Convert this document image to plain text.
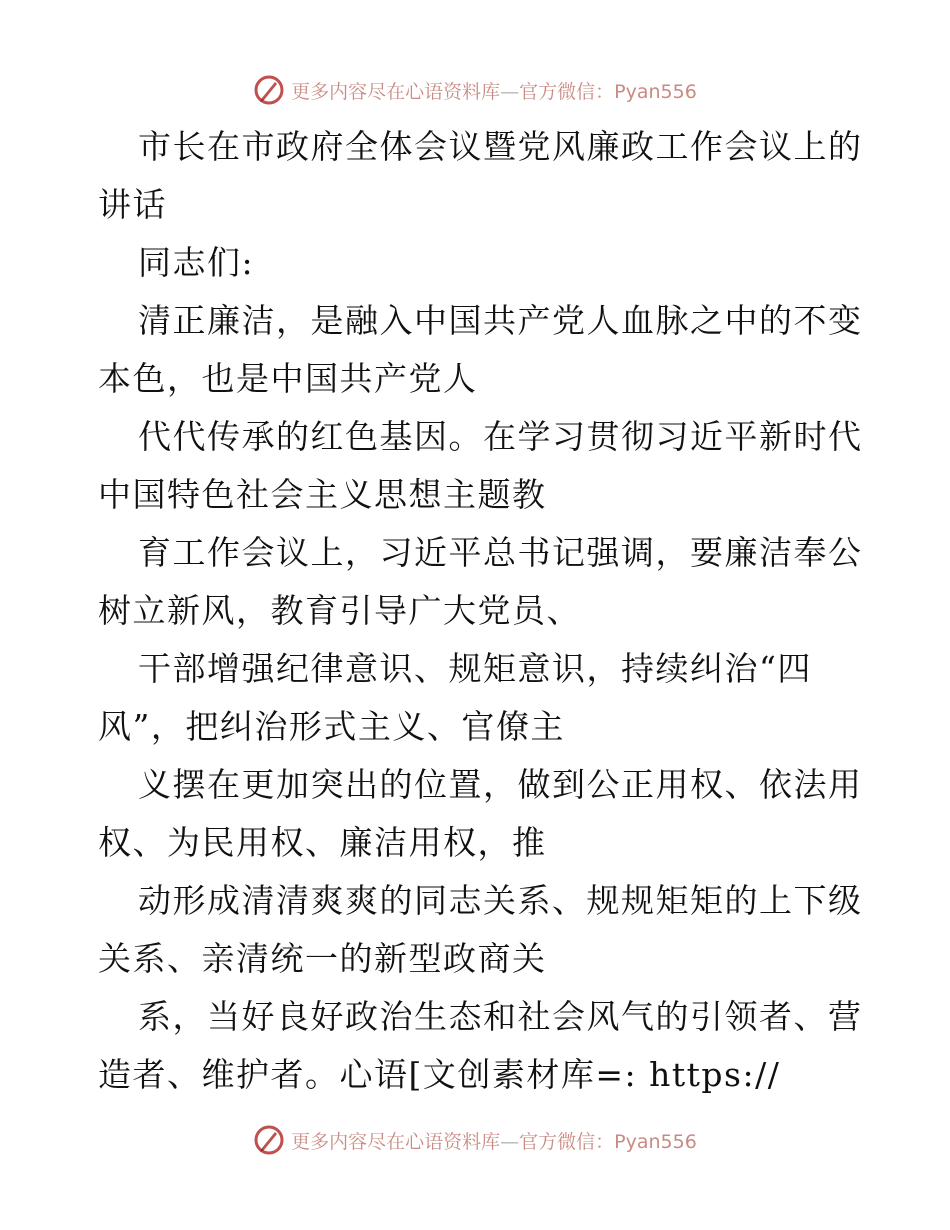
更多内容尽在心语资料库—官方微信：Pyan556
市长在市政府全体会议暨党风廉政工作会议上的
讲话
同志们:
清正廉洁，是融入中国共产党人血脉之中的不变
本色，也是中国共产党人
代代传承的红色基因。在学习贯彻习近平新时代
中国特色社会主义思想主题教
育工作会议上，习近平总书记强调，要廉洁奉公
树立新风，教育引导广大党员、
干部增强纪律意识、规矩意识，持续纠治“四
风”，把纠治形式主义、官僚主
义摆在更加突出的位置，做到公正用权、依法用
权、为民用权、廉洁用权，推
动形成清清爽爽的同志关系、规规矩矩的上下级
关系、亲清统一的新型政商关
系，当好良好政治生态和社会风气的引领者、营
造者、维护者。心语[文创素材库=: https://
更多内容尽在心语资料库—官方微信：Pyan556
